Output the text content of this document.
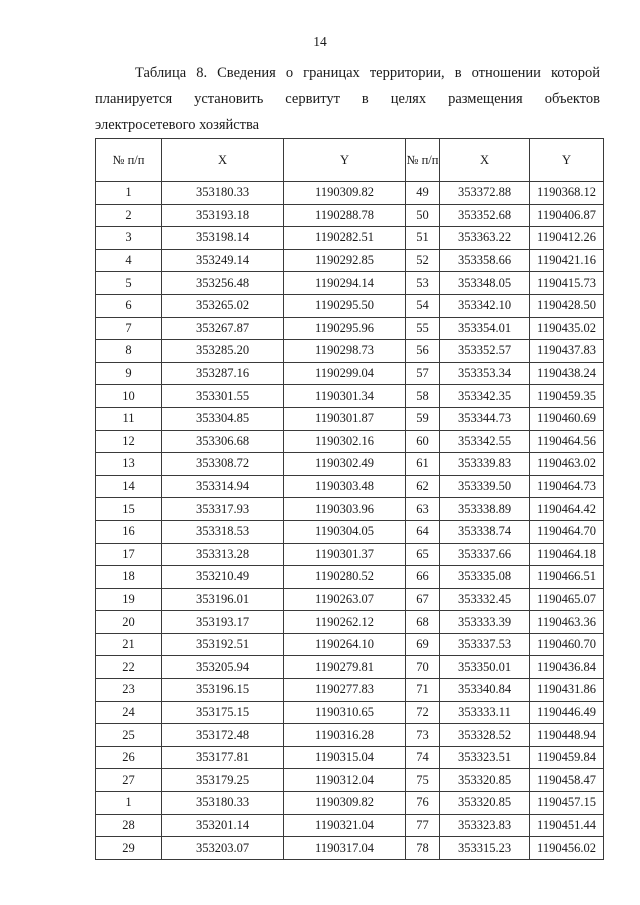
14
Таблица 8. Сведения о границах территории, в отношении которой
планируется установить сервитут в целях размещения объектов
электросетевого хозяйства
№ п/п	X	Y	№ п/п	X	Y
1	353180.33	1190309.82	49	353372.88	1190368.12
2	353193.18	1190288.78	50	353352.68	1190406.87
3	353198.14	1190282.51	51	353363.22	1190412.26
4	353249.14	1190292.85	52	353358.66	1190421.16
5	353256.48	1190294.14	53	353348.05	1190415.73
6	353265.02	1190295.50	54	353342.10	1190428.50
7	353267.87	1190295.96	55	353354.01	1190435.02
8	353285.20	1190298.73	56	353352.57	1190437.83
9	353287.16	1190299.04	57	353353.34	1190438.24
10	353301.55	1190301.34	58	353342.35	1190459.35
11	353304.85	1190301.87	59	353344.73	1190460.69
12	353306.68	1190302.16	60	353342.55	1190464.56
13	353308.72	1190302.49	61	353339.83	1190463.02
14	353314.94	1190303.48	62	353339.50	1190464.73
15	353317.93	1190303.96	63	353338.89	1190464.42
16	353318.53	1190304.05	64	353338.74	1190464.70
17	353313.28	1190301.37	65	353337.66	1190464.18
18	353210.49	1190280.52	66	353335.08	1190466.51
19	353196.01	1190263.07	67	353332.45	1190465.07
20	353193.17	1190262.12	68	353333.39	1190463.36
21	353192.51	1190264.10	69	353337.53	1190460.70
22	353205.94	1190279.81	70	353350.01	1190436.84
23	353196.15	1190277.83	71	353340.84	1190431.86
24	353175.15	1190310.65	72	353333.11	1190446.49
25	353172.48	1190316.28	73	353328.52	1190448.94
26	353177.81	1190315.04	74	353323.51	1190459.84
27	353179.25	1190312.04	75	353320.85	1190458.47
1	353180.33	1190309.82	76	353320.85	1190457.15
28	353201.14	1190321.04	77	353323.83	1190451.44
29	353203.07	1190317.04	78	353315.23	1190456.02
